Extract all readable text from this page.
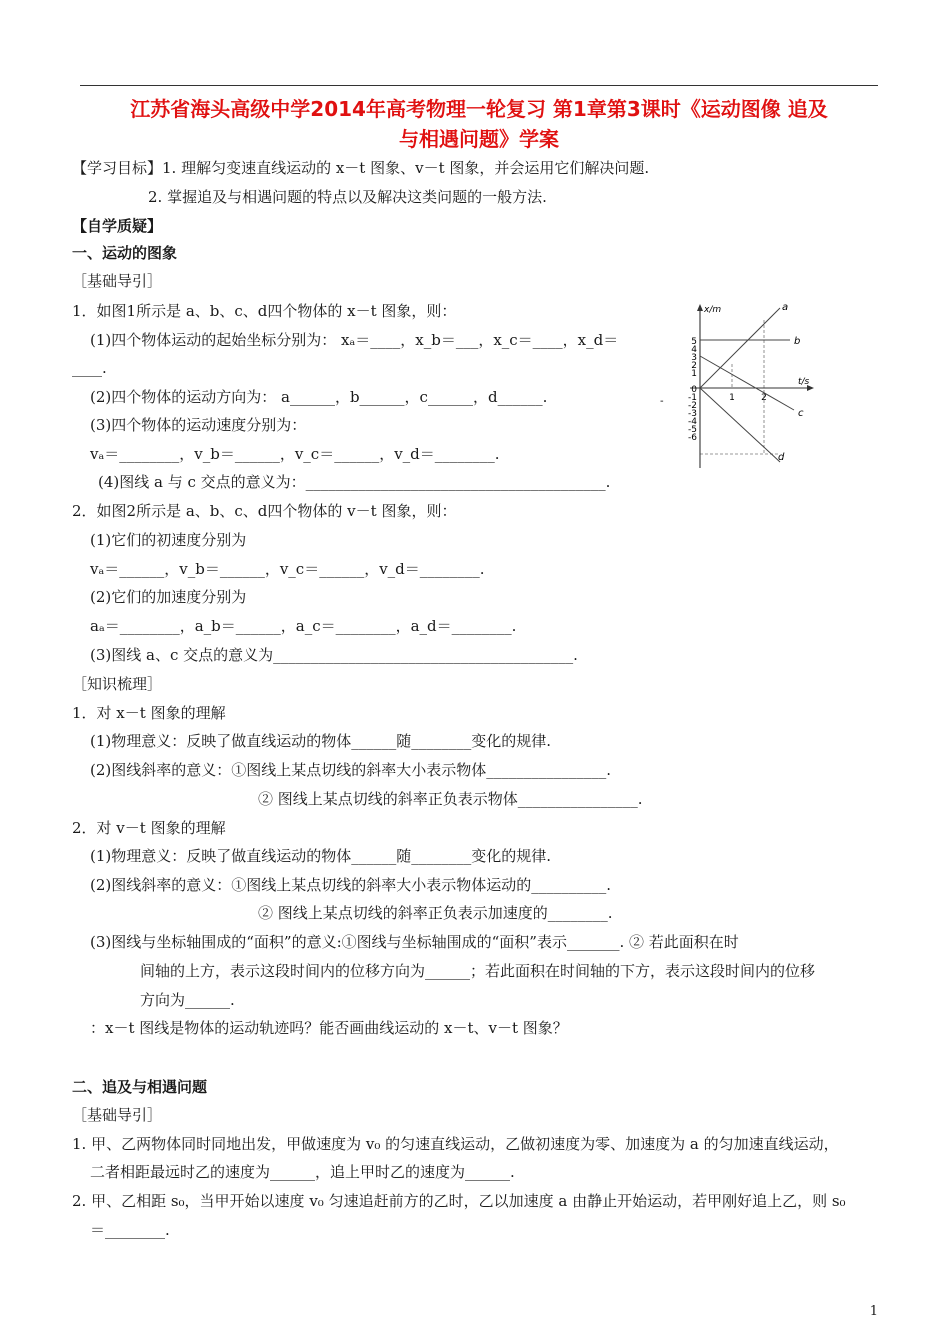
江苏省海头高级中学2014年高考物理一轮复习 第1章第3课时《运动图像 追及
与相遇问题》学案
【学习目标】1. 理解匀变速直线运动的 x－t 图象、v－t 图象，并会运用它们解决问题.
2. 掌握追及与相遇问题的特点以及解决这类问题的一般方法.
【自学质疑】
一、运动的图象
［基础导引］
1．如图1所示是 a、b、c、d四个物体的 x－t 图象，则：
(1)四个物体运动的起始坐标分别为： xₐ＝____，x_b＝___，x_c＝____，x_d＝
____.
(2)四个物体的运动方向为： a______，b______，c______，d______.
(3)四个物体的运动速度分别为：
vₐ＝________，v_b＝______，v_c＝______，v_d＝________.
(4)图线 a 与 c 交点的意义为：________________________________________.
2．如图2所示是 a、b、c、d四个物体的 v－t 图象，则：
(1)它们的初速度分别为
vₐ＝______，v_b＝______，v_c＝______，v_d＝________.
(2)它们的加速度分别为
aₐ＝________，a_b＝______，a_c＝________，a_d＝________.
(3)图线 a、c 交点的意义为________________________________________.
［知识梳理］
1．对 x－t 图象的理解
(1)物理意义：反映了做直线运动的物体______随________变化的规律.
(2)图线斜率的意义：①图线上某点切线的斜率大小表示物体________________.
② 图线上某点切线的斜率正负表示物体________________.
2．对 v－t 图象的理解
(1)物理意义：反映了做直线运动的物体______随________变化的规律.
(2)图线斜率的意义：①图线上某点切线的斜率大小表示物体运动的__________.
② 图线上某点切线的斜率正负表示加速度的________.
(3)图线与坐标轴围成的“面积”的意义:①图线与坐标轴围成的“面积”表示_______. ② 若此面积在时
间轴的上方，表示这段时间内的位移方向为______；若此面积在时间轴的下方，表示这段时间内的位移
方向为______.
：x－t 图线是物体的运动轨迹吗？能否画曲线运动的 x－t、v－t 图象？
二、追及与相遇问题
［基础导引］
1. 甲、乙两物体同时同地出发，甲做速度为 v₀ 的匀速直线运动，乙做初速度为零、加速度为 a 的匀加速直线运动，
二者相距最远时乙的速度为______，追上甲时乙的速度为______.
2. 甲、乙相距 s₀，当甲开始以速度 v₀ 匀速追赶前方的乙时，乙以加速度 a 由静止开始运动，若甲刚好追上乙，则 s₀
＝________.
x/m
t/s
5
4
3
2
1
0
-1
-2
-3
-4
-5
-6
1	2
a
b
c
d
-
1
